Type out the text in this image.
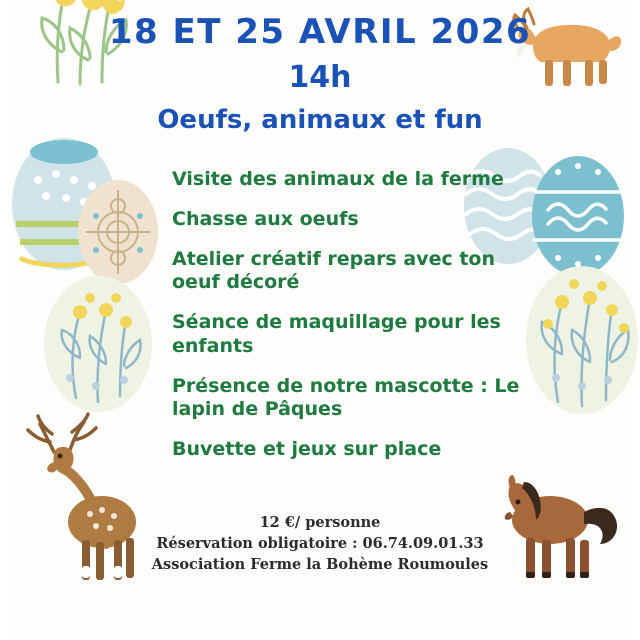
18 ET 25 AVRIL 2026
14h
Oeufs, animaux et fun
Visite des animaux de la ferme
Chasse aux oeufs
Atelier créatif repars avec ton oeuf décoré
Séance de maquillage pour les enfants
Présence de notre mascotte : Le lapin de Pâques
Buvette et jeux sur place
12 €/ personne
Réservation obligatoire : 06.74.09.01.33
Association Ferme la Bohème Roumoules
